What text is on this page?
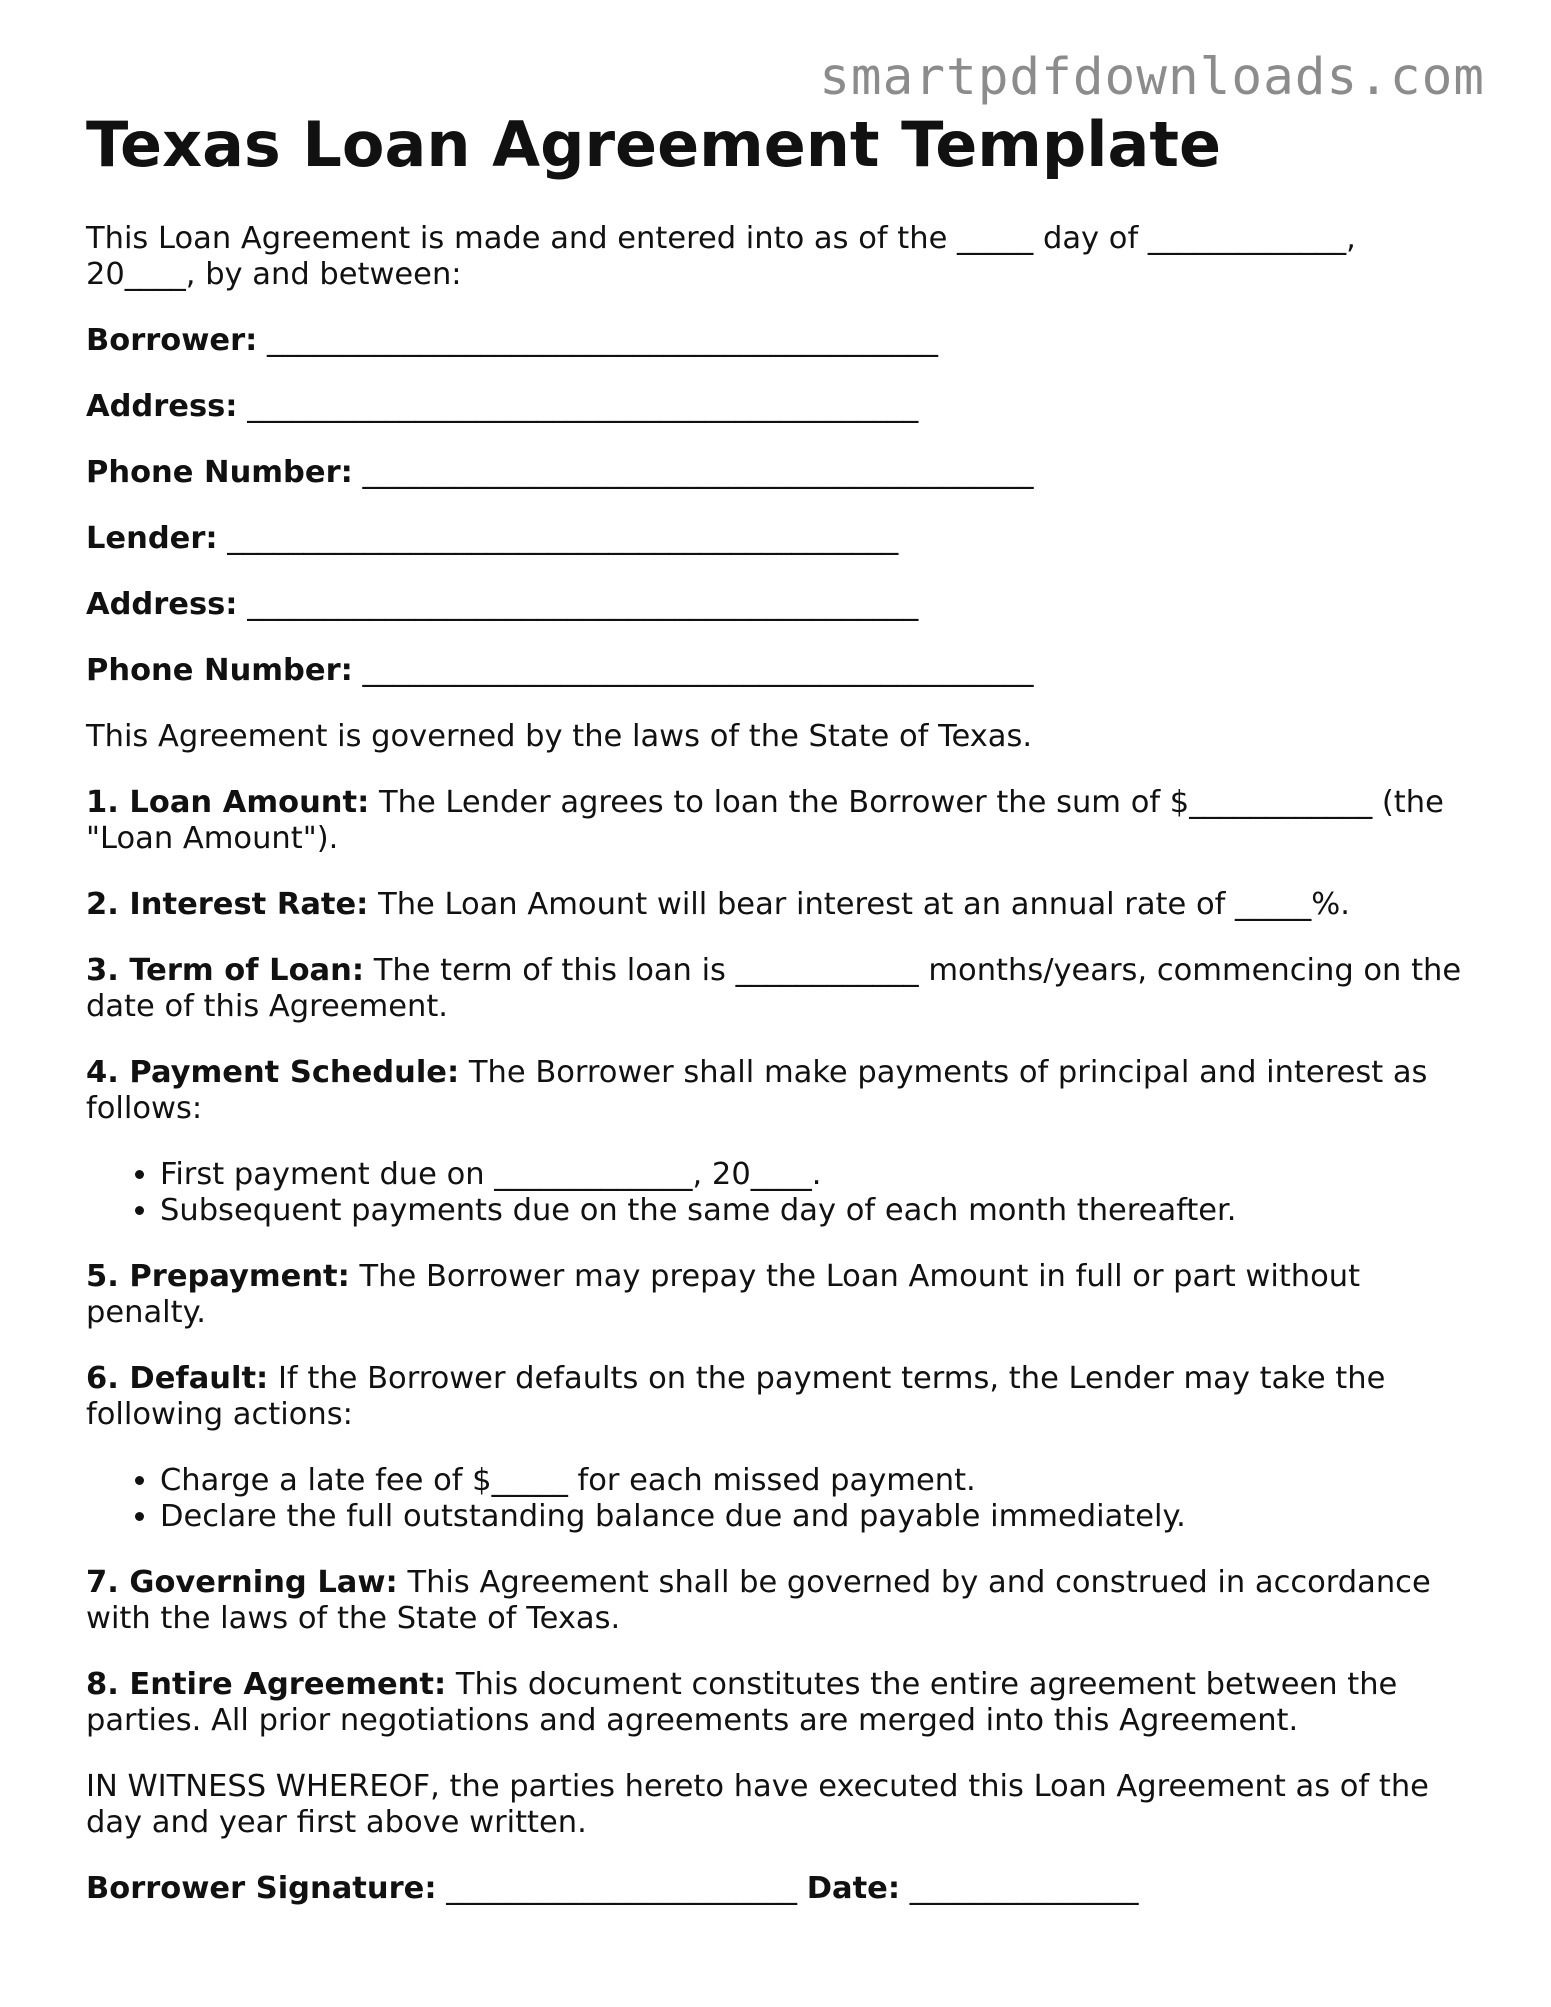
smartpdfdownloads.com
Texas Loan Agreement Template

This Loan Agreement is made and entered into as of the _____ day of _____________, 20____, by and between:

Borrower: ____________________________________________

Address: ____________________________________________

Phone Number: ____________________________________________

Lender: ____________________________________________

Address: ____________________________________________

Phone Number: ____________________________________________

This Agreement is governed by the laws of the State of Texas.

1. Loan Amount: The Lender agrees to loan the Borrower the sum of $____________ (the "Loan Amount").

2. Interest Rate: The Loan Amount will bear interest at an annual rate of _____%.

3. Term of Loan: The term of this loan is ____________ months/years, commencing on the date of this Agreement.

4. Payment Schedule: The Borrower shall make payments of principal and interest as follows:

• First payment due on _____________, 20____.
• Subsequent payments due on the same day of each month thereafter.

5. Prepayment: The Borrower may prepay the Loan Amount in full or part without penalty.

6. Default: If the Borrower defaults on the payment terms, the Lender may take the following actions:

• Charge a late fee of $_____ for each missed payment.
• Declare the full outstanding balance due and payable immediately.

7. Governing Law: This Agreement shall be governed by and construed in accordance with the laws of the State of Texas.

8. Entire Agreement: This document constitutes the entire agreement between the parties. All prior negotiations and agreements are merged into this Agreement.

IN WITNESS WHEREOF, the parties hereto have executed this Loan Agreement as of the day and year first above written.

Borrower Signature: _______________________ Date: _______________
